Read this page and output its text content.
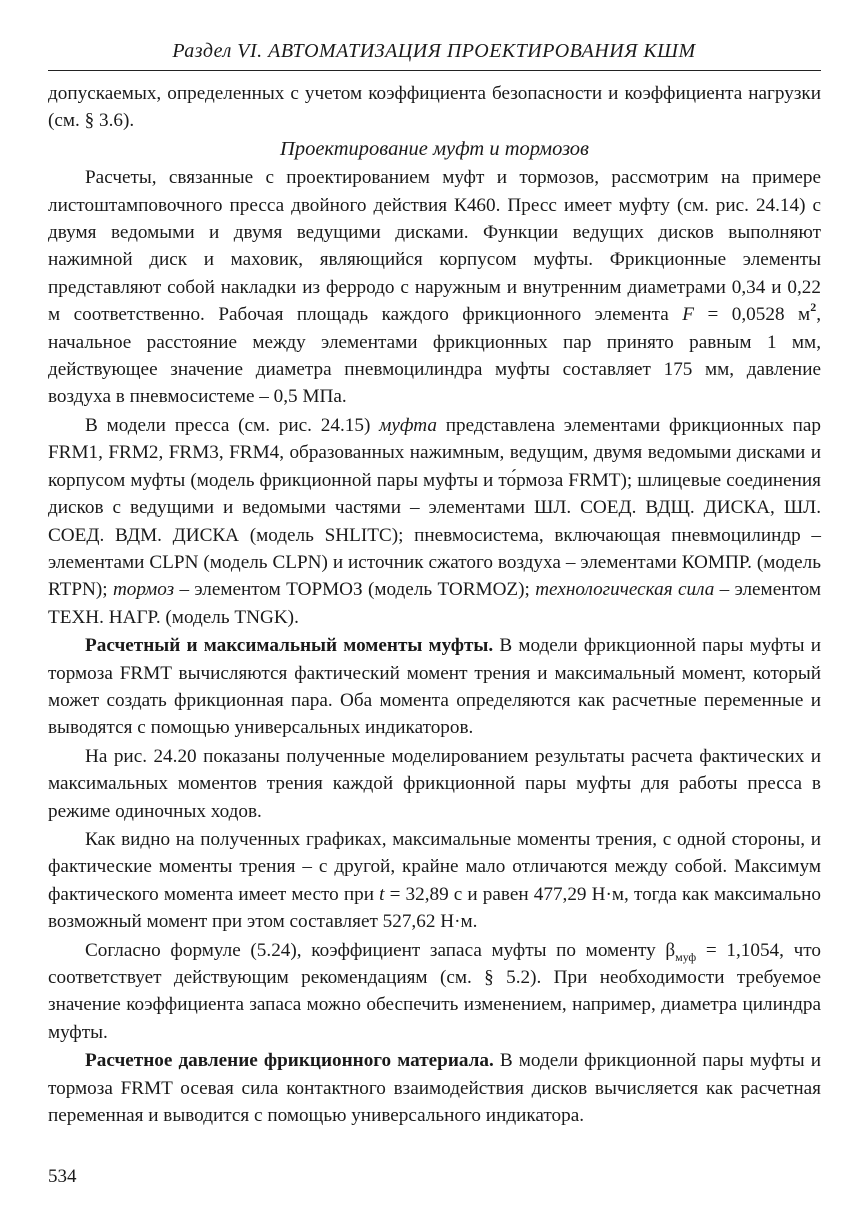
Раздел VI. АВТОМАТИЗАЦИЯ ПРОЕКТИРОВАНИЯ КШМ

допускаемых, определенных с учетом коэффициента безопасности и коэффициента нагрузки (см. § 3.6).

Проектирование муфт и тормозов

Расчеты, связанные с проектированием муфт и тормозов, рассмотрим на примере листоштамповочного пресса двойного действия К460. Пресс имеет муфту (см. рис. 24.14) с двумя ведомыми и двумя ведущими дисками. Функции ведущих дисков выполняют нажимной диск и маховик, являющийся корпусом муфты. Фрикционные элементы представляют собой накладки из ферродо с наружным и внутренним диаметрами 0,34 и 0,22 м соответственно. Рабочая площадь каждого фрикционного элемента F = 0,0528 $м^2$, начальное расстояние между элементами фрикционных пар принято равным 1 мм, действующее значение диаметра пневмоцилиндра муфты составляет 175 мм, давление воздуха в пневмосистеме – 0,5 МПа.

В модели пресса (см. рис. 24.15) муфта представлена элементами фрикционных пар FRM1, FRM2, FRM3, FRM4, образованных нажимным, ведущим, двумя ведомыми дисками и корпусом муфты (модель фрикционной пары муфты и то́рмоза FRMT); шлицевые соединения дисков с ведущими и ведомыми частями – элементами ШЛ. СОЕД. ВДЩ. ДИСКА, ШЛ. СОЕД. ВДМ. ДИСКА (модель SHLITC); пневмосистема, включающая пневмоцилиндр – элементами CLPN (модель CLPN) и источник сжатого воздуха – элементами КОМПР. (модель RTPN); тормоз – элементом ТОРМОЗ (модель TORMOZ); технологическая сила – элементом ТЕХН. НАГР. (модель TNGK).

Расчетный и максимальный моменты муфты. В модели фрикционной пары муфты и тормоза FRMT вычисляются фактический момент трения и максимальный момент, который может создать фрикционная пара. Оба момента определяются как расчетные переменные и выводятся с помощью универсальных индикаторов.

На рис. 24.20 показаны полученные моделированием результаты расчета фактических и максимальных моментов трения каждой фрикционной пары муфты для работы пресса в режиме одиночных ходов.

Как видно на полученных графиках, максимальные моменты трения, с одной стороны, и фактические моменты трения – с другой, крайне мало отличаются между собой. Максимум фактического момента имеет место при t = 32,89 с и равен 477,29 Н·м, тогда как максимально возможный момент при этом составляет 527,62 Н·м.

Согласно формуле (5.24), коэффициент запаса муфты по моменту $\beta_{муф} = 1,1054$, что соответствует действующим рекомендациям (см. § 5.2). При необходимости требуемое значение коэффициента запаса можно обеспечить изменением, например, диаметра цилиндра муфты.

Расчетное давление фрикционного материала. В модели фрикционной пары муфты и тормоза FRMT осевая сила контактного взаимодействия дисков вычисляется как расчетная переменная и выводится с помощью универсального индикатора.

534
